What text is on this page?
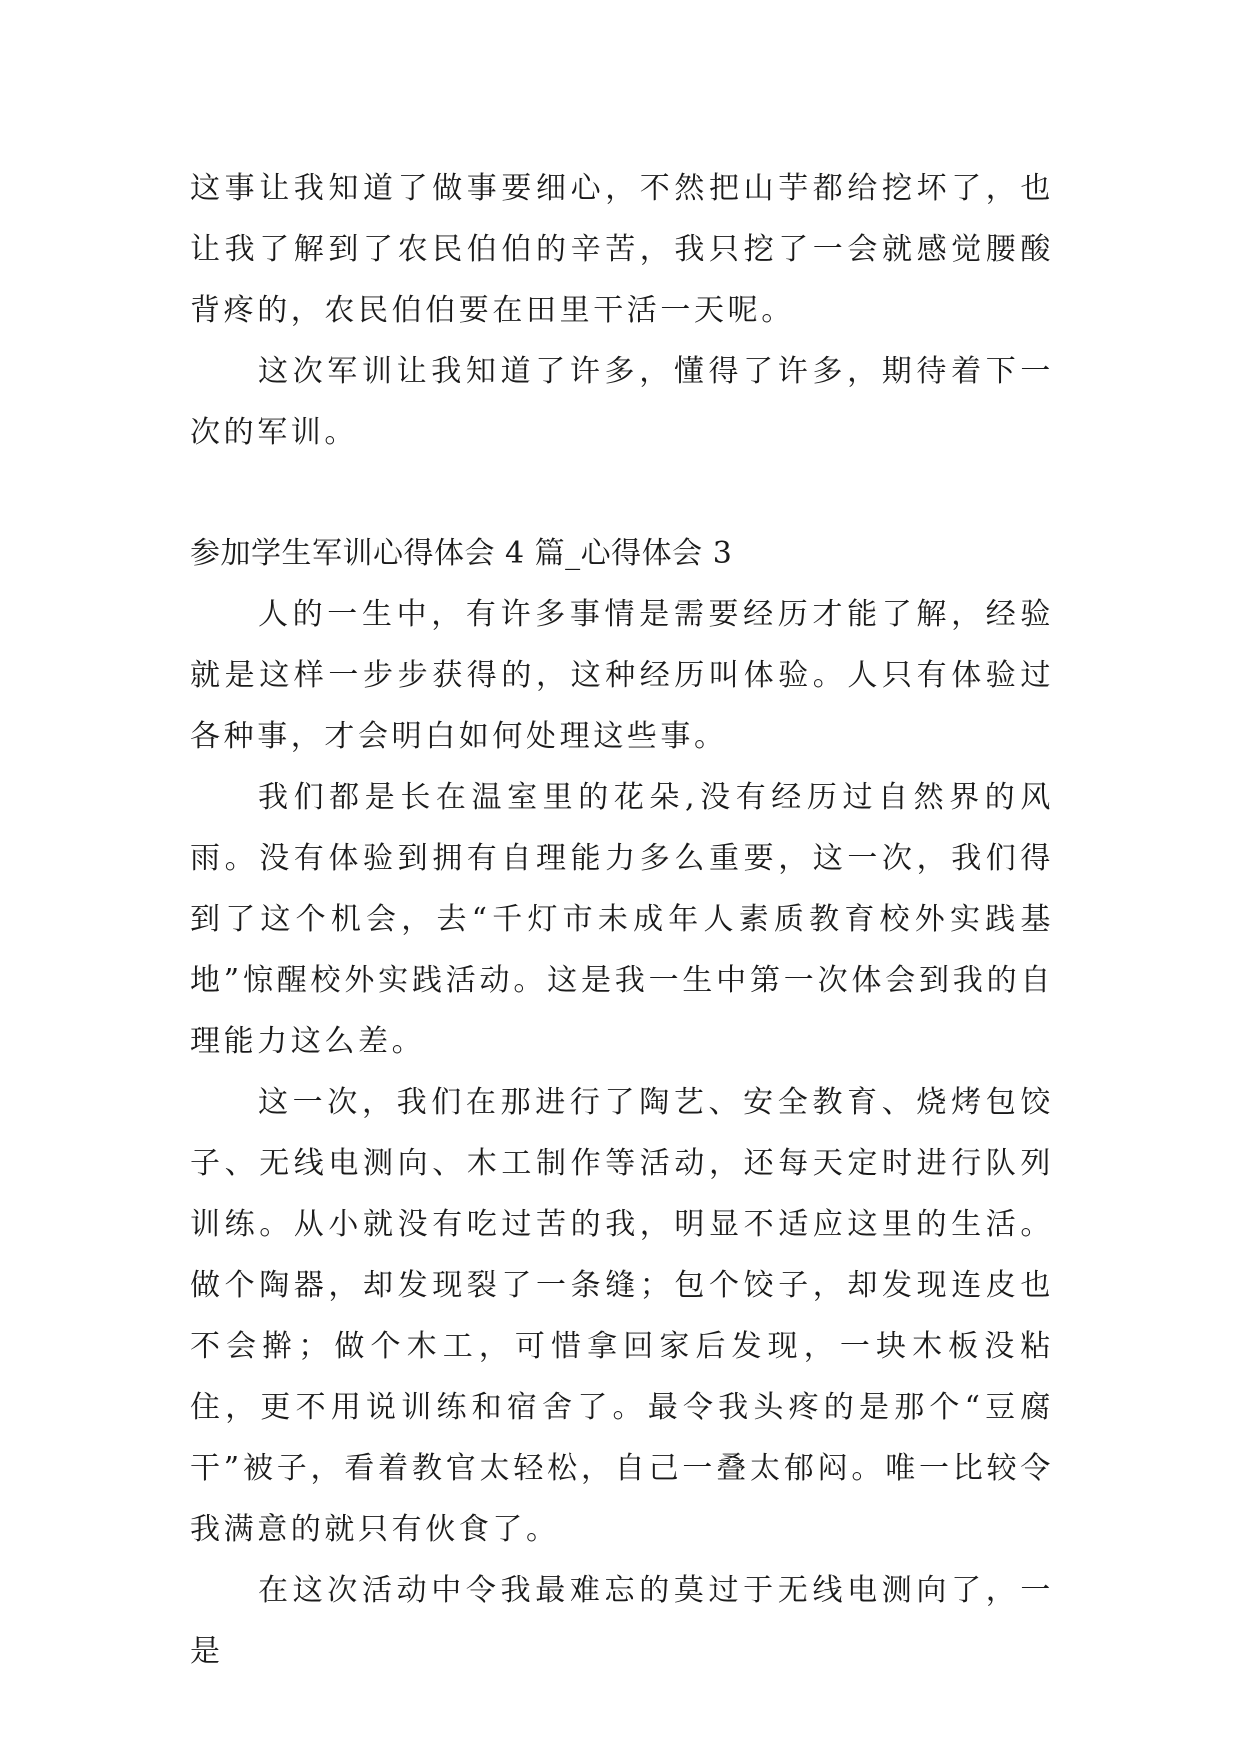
这事让我知道了做事要细心，不然把山芋都给挖坏了，也让我了解到了农民伯伯的辛苦，我只挖了一会就感觉腰酸背疼的，农民伯伯要在田里干活一天呢。

这次军训让我知道了许多，懂得了许多，期待着下一次的军训。

参加学生军训心得体会 4 篇_心得体会 3

人的一生中，有许多事情是需要经历才能了解，经验就是这样一步步获得的，这种经历叫体验。人只有体验过各种事，才会明白如何处理这些事。

我们都是长在温室里的花朵,没有经历过自然界的风雨。没有体验到拥有自理能力多么重要，这一次，我们得到了这个机会，去“千灯市未成年人素质教育校外实践基地”惊醒校外实践活动。这是我一生中第一次体会到我的自理能力这么差。

这一次，我们在那进行了陶艺、安全教育、烧烤包饺子、无线电测向、木工制作等活动，还每天定时进行队列训练。从小就没有吃过苦的我，明显不适应这里的生活。做个陶器，却发现裂了一条缝；包个饺子，却发现连皮也不会擀；做个木工，可惜拿回家后发现，一块木板没粘住，更不用说训练和宿舍了。最令我头疼的是那个“豆腐干”被子，看着教官太轻松，自己一叠太郁闷。唯一比较令我满意的就只有伙食了。

在这次活动中令我最难忘的莫过于无线电测向了，一是
